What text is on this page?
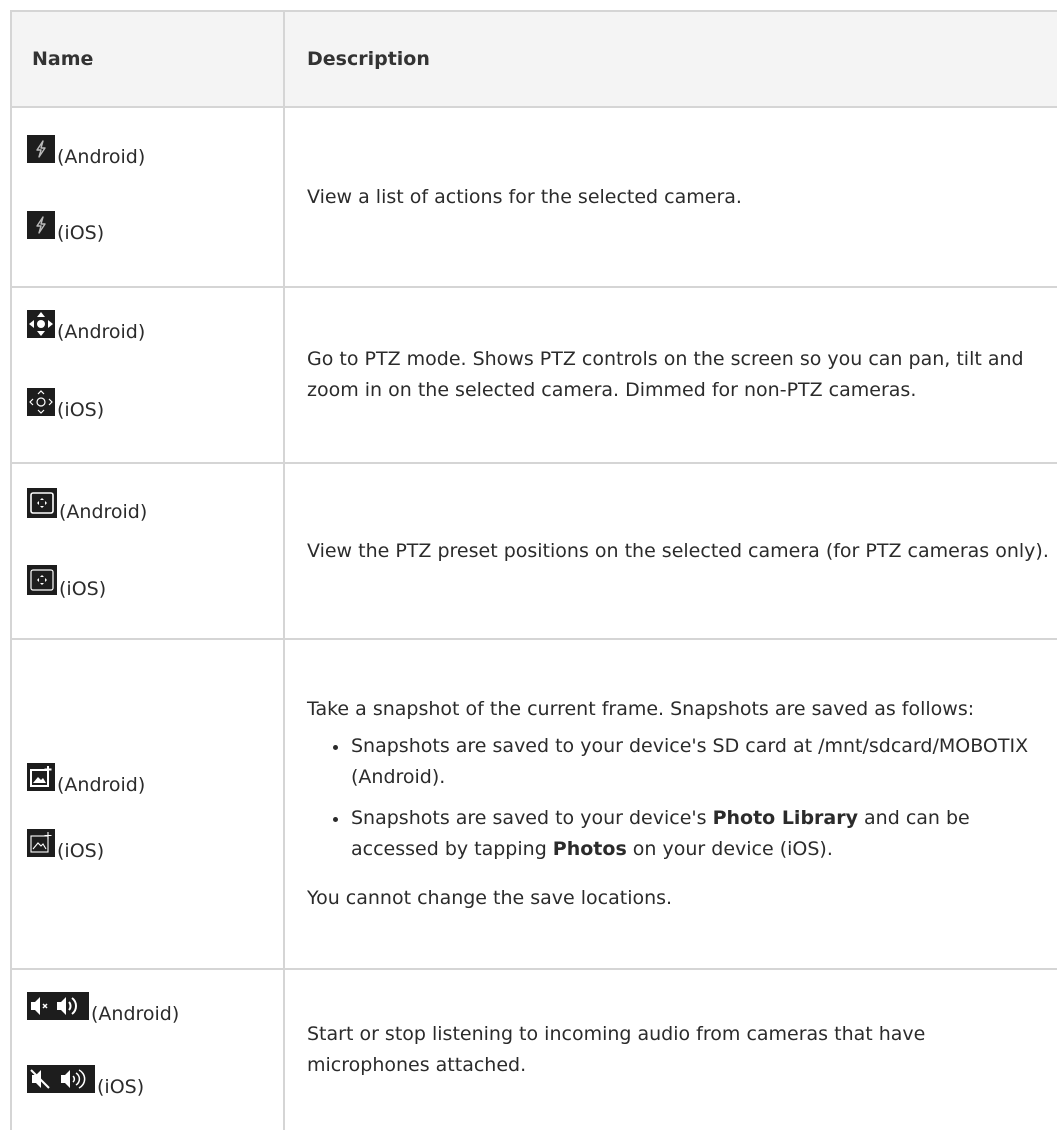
Name	Description
(Android)
(iOS)

View a list of actions for the selected camera.

(Android)
(iOS)

Go to PTZ mode. Shows PTZ controls on the screen so you can pan, tilt and zoom in on the selected camera. Dimmed for non-PTZ cameras.

(Android)
(iOS)

View the PTZ preset positions on the selected camera (for PTZ cameras only).

(Android)
(iOS)

Take a snapshot of the current frame. Snapshots are saved as follows:

Snapshots are saved to your device's SD card at /mnt/sdcard/MOBOTIX (Android).
Snapshots are saved to your device's Photo Library and can be accessed by tapping Photos on your device (iOS).

You cannot change the save locations.

(Android)
(iOS)

Start or stop listening to incoming audio from cameras that have microphones attached.
